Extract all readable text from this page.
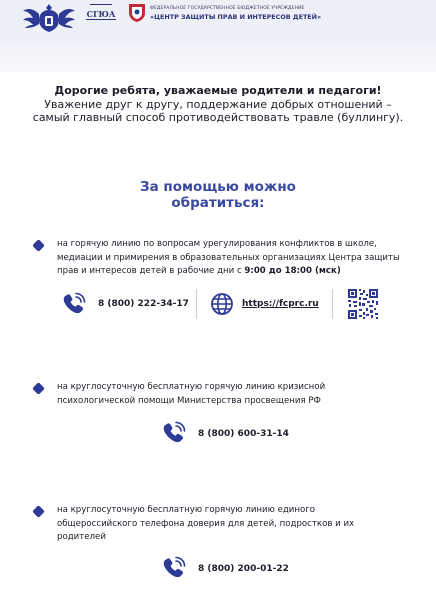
СГЮА
ФЕДЕРАЛЬНОЕ ГОСУДАРСТВЕННОЕ БЮДЖЕТНОЕ УЧРЕЖДЕНИЕ
«ЦЕНТР ЗАЩИТЫ ПРАВ И ИНТЕРЕСОВ ДЕТЕЙ»
Дорогие ребята, уважаемые родители и педагоги!
Уважение друг к другу, поддержание добрых отношений – самый главный способ противодействовать травле (буллингу).
За помощью можно обратиться:
на горячую линию по вопросам урегулирования конфликтов в школе, медиации и примирения в образовательных организациях Центра защиты прав и интересов детей в рабочие дни с 9:00 до 18:00 (мск)
8 (800) 222-34-17	https://fcprc.ru
на круглосуточную бесплатную горячую линию кризисной психологической помощи Министерства просвещения РФ
8 (800) 600-31-14
на круглосуточную бесплатную горячую линию единого общероссийского телефона доверия для детей, подростков и их родителей
8 (800) 200-01-22
